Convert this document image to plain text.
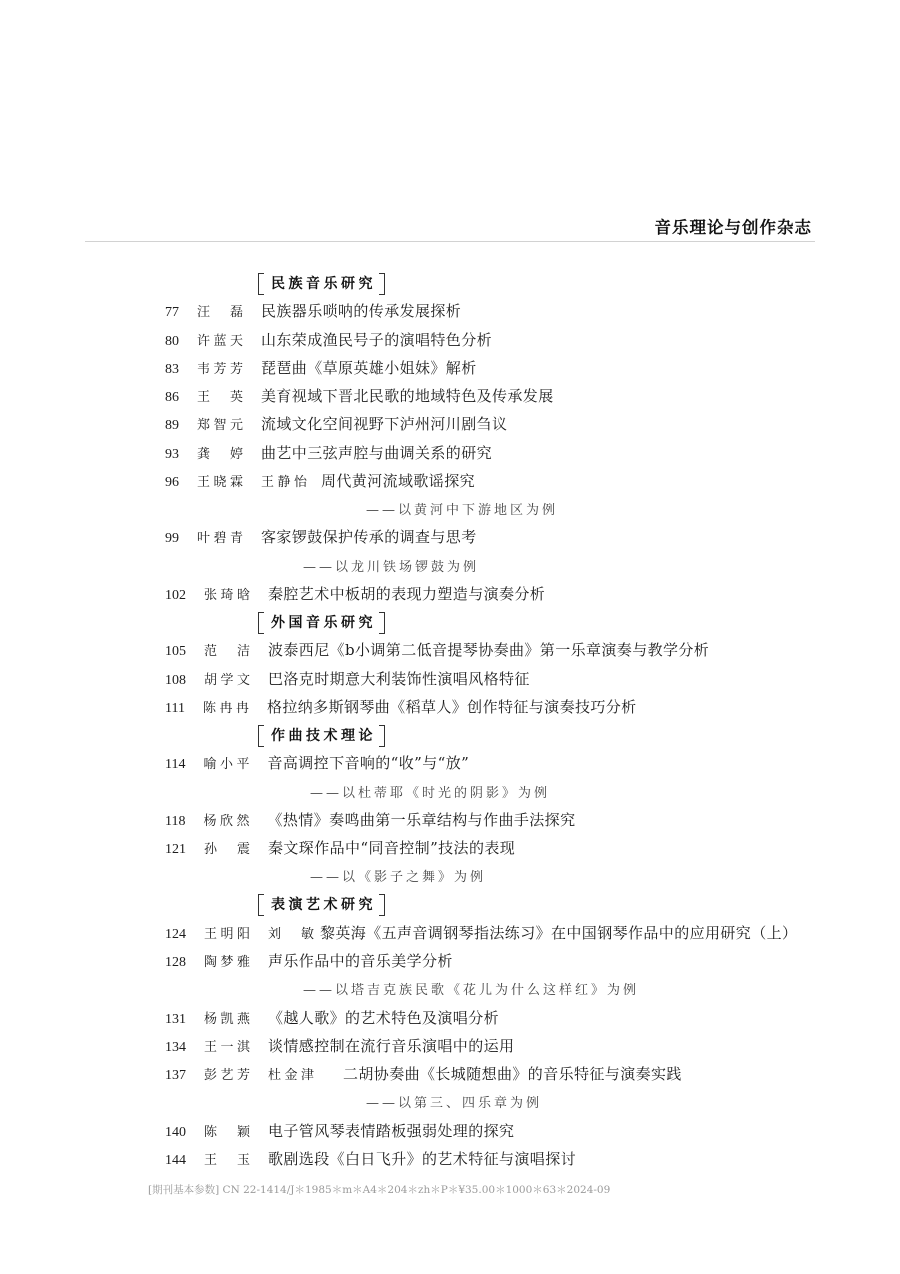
音乐理论与创作杂志
民族音乐研究
77 汪 磊 民族器乐唢呐的传承发展探析
80 许蓝天 山东荣成渔民号子的演唱特色分析
83 韦芳芳 琵琶曲《草原英雄小姐妹》解析
86 王 英 美育视域下晋北民歌的地域特色及传承发展
89 郑智元 流域文化空间视野下泸州河川剧刍议
93 龚 婷 曲艺中三弦声腔与曲调关系的研究
96 王晓霖 王静怡 周代黄河流域歌谣探究
——以黄河中下游地区为例
99 叶碧青 客家锣鼓保护传承的调查与思考
——以龙川铁场锣鼓为例
102 张琦晗 秦腔艺术中板胡的表现力塑造与演奏分析
外国音乐研究
105 范 洁 波泰西尼《b小调第二低音提琴协奏曲》第一乐章演奏与教学分析
108 胡学文 巴洛克时期意大利装饰性演唱风格特征
111 陈冉冉 格拉纳多斯钢琴曲《稻草人》创作特征与演奏技巧分析
作曲技术理论
114 喻小平 音高调控下音响的“收”与“放”
——以杜蒂耶《时光的阴影》为例
118 杨欣然 《热情》奏鸣曲第一乐章结构与作曲手法探究
121 孙 震 秦文琛作品中“同音控制”技法的表现
——以《影子之舞》为例
表演艺术研究
124 王明阳 刘 敏 黎英海《五声音调钢琴指法练习》在中国钢琴作品中的应用研究（上）
128 陶梦雅 声乐作品中的音乐美学分析
——以塔吉克族民歌《花儿为什么这样红》为例
131 杨凯燕 《越人歌》的艺术特色及演唱分析
134 王一淇 谈情感控制在流行音乐演唱中的运用
137 彭艺芳 杜金津 二胡协奏曲《长城随想曲》的音乐特征与演奏实践
——以第三、四乐章为例
140 陈 颖 电子管风琴表情踏板强弱处理的探究
144 王 玉 歌剧选段《白日飞升》的艺术特征与演唱探讨
[期刊基本参数] CN 22-1414/J＊1985＊m＊A4＊204＊zh＊P＊¥35.00＊1000＊63＊2024-09
